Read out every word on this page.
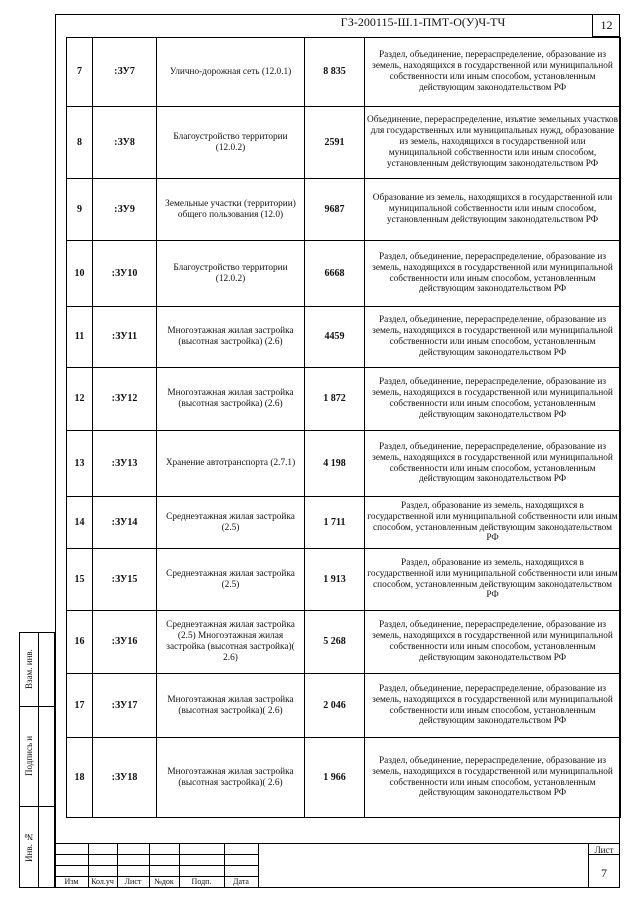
12
7	:ЗУ7	Улично-дорожная сеть (12.0.1)	8 835	Раздел, объединение, перераспределение, образование из земель, находящихся в государственной или муниципальной собственности или иным способом, установленным действующим законодательством РФ
8	:ЗУ8	Благоустройство территории (12.0.2)	2591	Объединение, перераспределение, изъятие земельных участков для государственных или муниципальных нужд, образование из земель, находящихся в государственной или муниципальной собственности или иным способом, установленным действующим законодательством РФ
9	:ЗУ9	Земельные участки (территории) общего пользования (12.0)	9687	Образование из земель, находящихся в государственной или муниципальной собственности или иным способом, установленным действующим законодательством РФ
10	:ЗУ10	Благоустройство территории (12.0.2)	6668	Раздел, объединение, перераспределение, образование из земель, находящихся в государственной или муниципальной собственности или иным способом, установленным действующим законодательством РФ
11	:ЗУ11	Многоэтажная жилая застройка (высотная застройка) (2.6)	4459	Раздел, объединение, перераспределение, образование из земель, находящихся в государственной или муниципальной собственности или иным способом, установленным действующим законодательством РФ
12	:ЗУ12	Многоэтажная жилая застройка (высотная застройка) (2.6)	1 872	Раздел, объединение, перераспределение, образование из земель, находящихся в государственной или муниципальной собственности или иным способом, установленным действующим законодательством РФ
13	:ЗУ13	Хранение автотранспорта (2.7.1)	4 198	Раздел, объединение, перераспределение, образование из земель, находящихся в государственной или муниципальной собственности или иным способом, установленным действующим законодательством РФ
14	:ЗУ14	Среднеэтажная жилая застройка (2.5)	1 711	Раздел, образование из земель, находящихся в государственной или муниципальной собственности или иным способом, установленным действующим законодательством РФ
15	:ЗУ15	Среднеэтажная жилая застройка (2.5)	1 913	Раздел, образование из земель, находящихся в государственной или муниципальной собственности или иным способом, установленным действующим законодательством РФ
16	:ЗУ16	Среднеэтажная жилая застройка (2.5) Многоэтажная жилая застройка (высотная застройка)( 2.6)	5 268	Раздел, объединение, перераспределение, образование из земель, находящихся в государственной или муниципальной собственности или иным способом, установленным действующим законодательством РФ
17	:ЗУ17	Многоэтажная жилая застройка (высотная застройка)( 2.6)	2 046	Раздел, объединение, перераспределение, образование из земель, находящихся в государственной или муниципальной собственности или иным способом, установленным действующим законодательством РФ
18	:ЗУ18	Многоэтажная жилая застройка (высотная застройка)( 2.6)	1 966	Раздел, объединение, перераспределение, образование из земель, находящихся в государственной или муниципальной собственности или иным способом, установленным действующим законодательством РФ
Взам. инв.
Подпись и
Инв. №
Изм	Кол.уч	Лист	№док	Подп.	Дата
ГЗ-200115-Ш.1-ПМТ-О(У)Ч-ТЧ
Лист
7
